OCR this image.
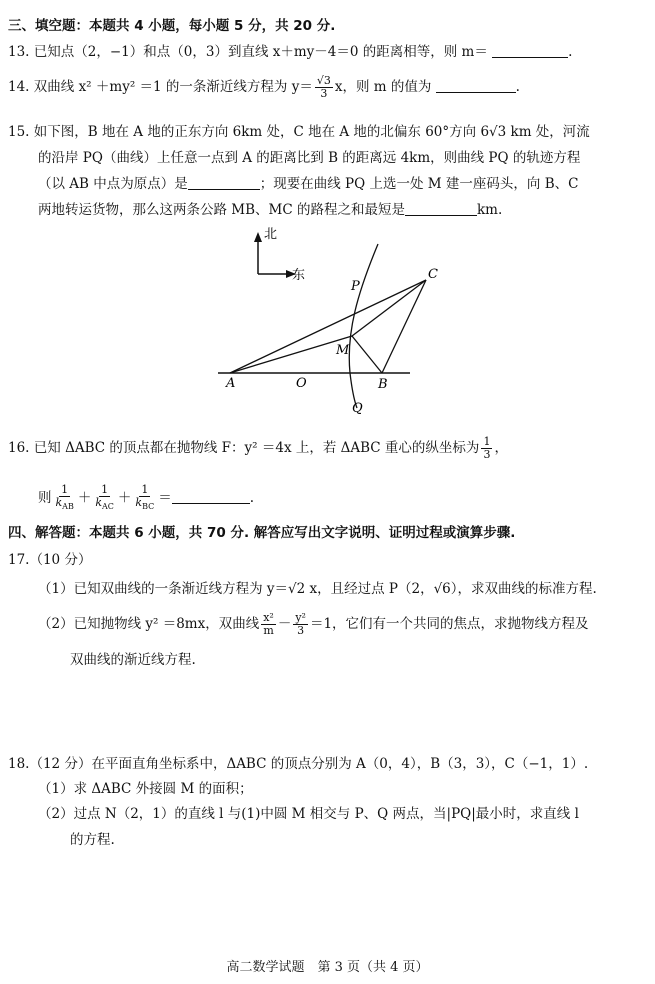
三、填空题：本题共 4 小题，每小题 5 分，共 20 分.
13. 已知点（2，−1）和点（0，3）到直线 x＋my－4＝0 的距离相等，则 m＝	.
14. 双曲线 x² ＋my² ＝1 的一条渐近线方程为 $y= \frac{√3}{3}$ x，则 m 的值为	.
15. 如下图，B 地在 A 地的正东方向 6km 处，C 地在 A 地的北偏东 60°方向 6√3 km 处，河流
的沿岸 PQ（曲线）上任意一点到 A 的距离比到 B 的距离远 4km，则曲线 PQ 的轨迹方程
（以 AB 中点为原点）是	；现要在曲线 PQ 上选一处 M 建一座码头，向 B、C
两地转运货物，那么这两条公路 MB、MC 的路程之和最短是	km.
北
东
A	O	B
C
M
P
Q
16. 已知 ΔABC 的顶点都在抛物线 F：y² ＝4x 上，若 ΔABC 重心的纵坐标为 $\frac{1}{3}$ ，
则 $\frac{1}{k_{AB}} + \frac{1}{k_{AC}} + \frac{1}{k_{BC}}$ ＝	.
四、解答题：本题共 6 小题，共 70 分. 解答应写出文字说明、证明过程或演算步骤.
17.（10 分）
（1）已知双曲线的一条渐近线方程为 y＝√2 x，且经过点 P（2，√6），求双曲线的标准方程.
（2）已知抛物线 y² ＝8mx，双曲线 $\frac{\text{x²}}{m} - \frac{\text{y²}}{3} =1$，它们有一个共同的焦点，求抛物线方程及
双曲线的渐近线方程.
18.（12 分）在平面直角坐标系中，ΔABC 的顶点分别为 A（0，4），B（3，3），C（−1，1）.
（1）求 ΔABC 外接圆 M 的面积；
（2）过点 N（2，1）的直线 l 与(1)中圆 M 相交与 P、Q 两点，当|PQ|最小时，求直线 l
的方程.
高二数学试题　第 3 页（共 4 页）
